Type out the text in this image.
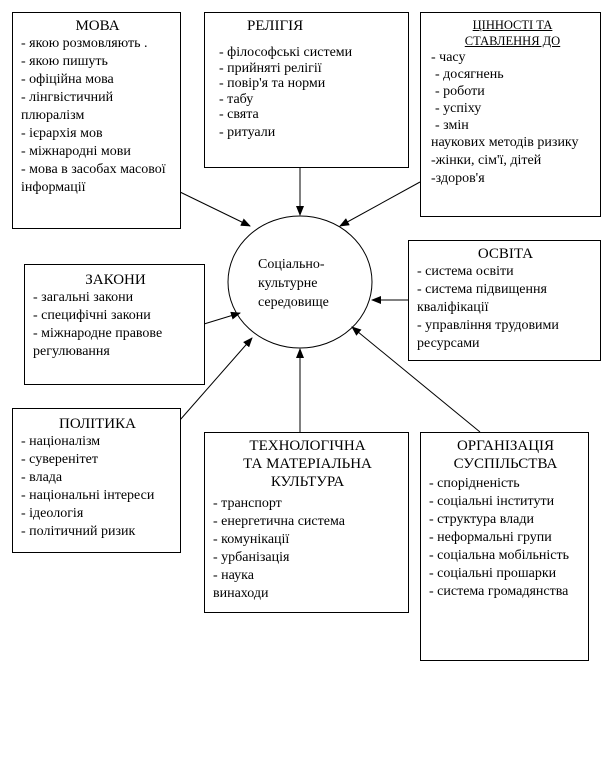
Соціально-
культурне
середовище
МОВА
- якою розмовляють .
- якою пишуть
- офіційна мова
- лінгвістичний плюралізм
- ієрархія мов
- міжнародні мови
- мова в засобах масової інформації
РЕЛІГІЯ
- філософські системи
- прийняті релігії
- повір'я та норми
- табу
- свята
- ритуали
ЦІННОСТІ ТА
СТАВЛЕННЯ ДО
- часу
- досягнень
- роботи
- успіху
- змін
наукових методів ризику
-жінки, сім'ї, дітей
-здоров'я
ОСВІТА
- система освіти
- система підвищення кваліфікації
- управління трудовими ресурсами
ЗАКОНИ
- загальні закони
- специфічні закони
- міжнародне правове регулювання
ПОЛІТИКА
- націоналізм
- суверенітет
- влада
- національні інтереси
- ідеологія
- політичний ризик
ТЕХНОЛОГІЧНА
ТА МАТЕРІАЛЬНА
КУЛЬТУРА
- транспорт
- енергетична система
- комунікації
- урбанізація
- наука
винаходи
ОРГАНІЗАЦІЯ
СУСПІЛЬСТВА
- спорідненість
- соціальні інститути
- структура влади
- неформальні групи
- соціальна мобільність
- соціальні прошарки
- система громадянства
